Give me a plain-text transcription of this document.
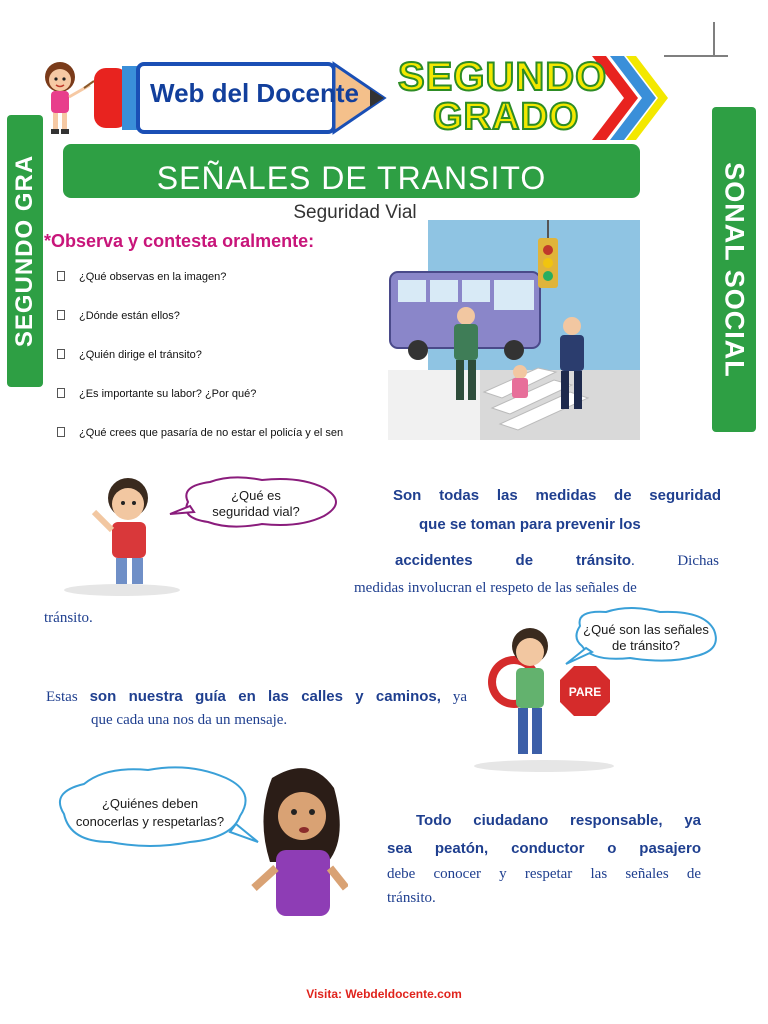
SEGUNDO GRA	SONAL SOCIAL
Web del Docente SEGUNDO
GRADO
SEÑALES DE TRANSITO
Seguridad Vial
*Observa y contesta oralmente:
¿Qué observas en la imagen?
¿Dónde están ellos?
¿Quién dirige el tránsito?
¿Es importante su labor? ¿Por qué?
¿Qué crees que pasaría de no estar el policía y el sen
¿Qué es
seguridad vial?
PARE
¿Qué son las señales
de tránsito?
¿Quiénes deben
conocerlas y respetarlas?
Son todas las medidas de seguridad
que se toman para prevenir los
accidentes de tránsito. Dichas
medidas involucran el respeto de las señales de
tránsito.
Estas son nuestra guía en las calles y caminos, ya
que cada una nos da un mensaje.
Todo ciudadano responsable, ya
sea peatón, conductor o pasajero
debe conocer y respetar las señales de
tránsito.
Visita: Webdeldocente.com
